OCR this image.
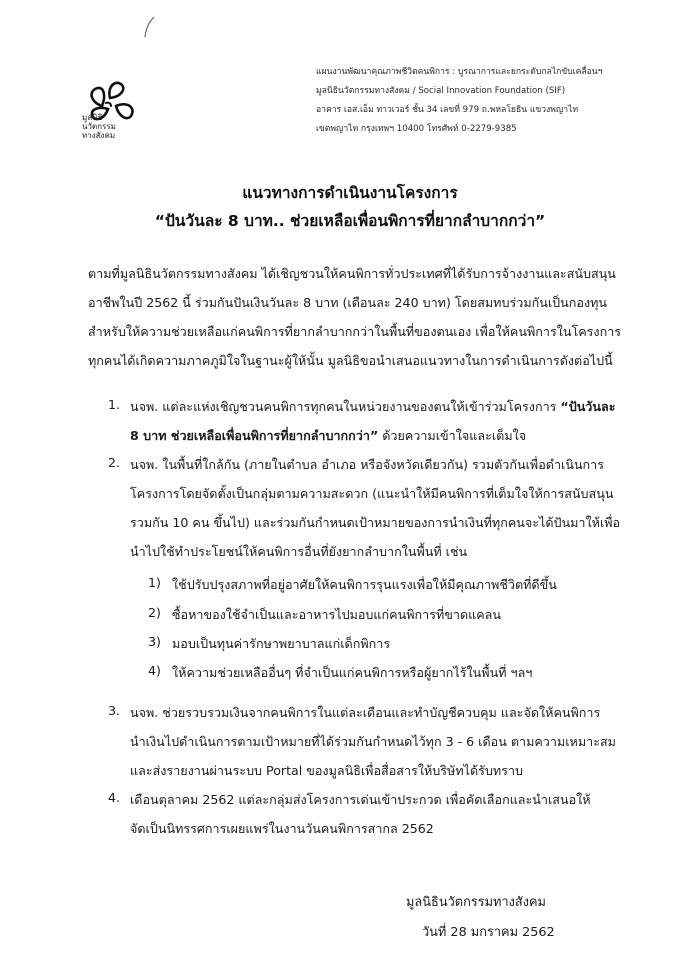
มูลนิธิ
นวัตกรรม
ทางสังคม
แผนงานพัฒนาคุณภาพชีวิตคนพิการ : บูรณาการและยกระดับกลไกขับเคลื่อนฯ
มูลนิธินวัตกรรมทางสังคม / Social Innovation Foundation (SIF)
อาคาร เอส.เอ็ม ทาวเวอร์ ชั้น 34 เลขที่ 979 ถ.พหลโยธิน แขวงพญาไท
เขตพญาไท กรุงเทพฯ 10400 โทรศัพท์ 0-2279-9385
แนวทางการดำเนินงานโครงการ
“ปันวันละ 8 บาท.. ช่วยเหลือเพื่อนพิการที่ยากลำบากกว่า”
ตามที่มูลนิธินวัตกรรมทางสังคม ได้เชิญชวนให้คนพิการทั่วประเทศที่ได้รับการจ้างงานและสนับสนุน
อาชีพในปี 2562 นี้ ร่วมกันปันเงินวันละ 8 บาท (เดือนละ 240 บาท) โดยสมทบร่วมกันเป็นกองทุน
สำหรับให้ความช่วยเหลือแก่คนพิการที่ยากลำบากกว่าในพื้นที่ของตนเอง เพื่อให้คนพิการในโครงการ
ทุกคนได้เกิดความภาคภูมิใจในฐานะผู้ให้นั้น มูลนิธิขอนำเสนอแนวทางในการดำเนินการดังต่อไปนี้
1. นจพ. แต่ละแห่งเชิญชวนคนพิการทุกคนในหน่วยงานของตนให้เข้าร่วมโครงการ “ปันวันละ
8 บาท ช่วยเหลือเพื่อนพิการที่ยากลำบากกว่า” ด้วยความเข้าใจและเต็มใจ
2. นจพ. ในพื้นที่ใกล้กัน (ภายในตำบล อำเภอ หรือจังหวัดเดียวกัน) รวมตัวกันเพื่อดำเนินการ
โครงการโดยจัดตั้งเป็นกลุ่มตามความสะดวก (แนะนำให้มีคนพิการที่เต็มใจให้การสนับสนุน
รวมกัน 10 คน ขึ้นไป) และร่วมกันกำหนดเป้าหมายของการนำเงินที่ทุกคนจะได้ปันมาให้เพื่อ
นำไปใช้ทำประโยชน์ให้คนพิการอื่นที่ยังยากลำบากในพื้นที่ เช่น
1) ใช้ปรับปรุงสภาพที่อยู่อาศัยให้คนพิการรุนแรงเพื่อให้มีคุณภาพชีวิตที่ดีขึ้น
2) ซื้อหาของใช้จำเป็นและอาหารไปมอบแก่คนพิการที่ขาดแคลน
3) มอบเป็นทุนค่ารักษาพยาบาลแก่เด็กพิการ
4) ให้ความช่วยเหลืออื่นๆ ที่จำเป็นแก่คนพิการหรือผู้ยากไร้ในพื้นที่ ฯลฯ
3. นจพ. ช่วยรวบรวมเงินจากคนพิการในแต่ละเดือนและทำบัญชีควบคุม และจัดให้คนพิการ
นำเงินไปดำเนินการตามเป้าหมายที่ได้ร่วมกันกำหนดไว้ทุก 3 - 6 เดือน ตามความเหมาะสม
และส่งรายงานผ่านระบบ Portal ของมูลนิธิเพื่อสื่อสารให้บริษัทได้รับทราบ
4. เดือนตุลาคม 2562 แต่ละกลุ่มส่งโครงการเด่นเข้าประกวด เพื่อคัดเลือกและนำเสนอให้
จัดเป็นนิทรรศการเผยแพร่ในงานวันคนพิการสากล 2562
มูลนิธินวัตกรรมทางสังคม
วันที่ 28 มกราคม 2562
